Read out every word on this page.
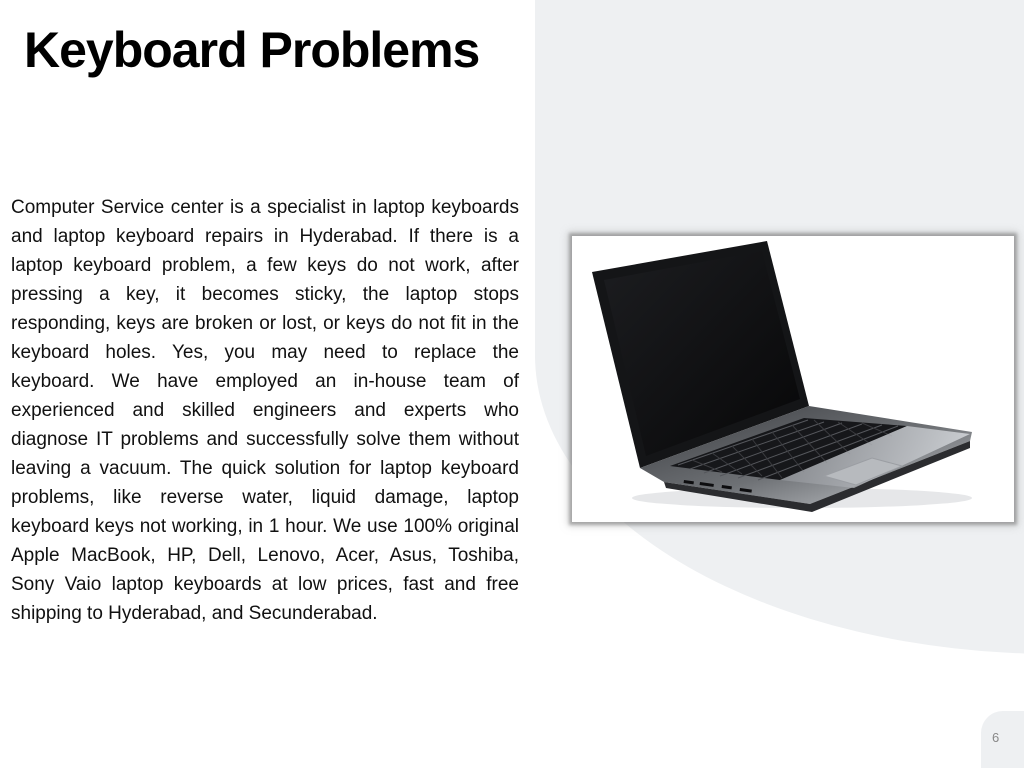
Keyboard Problems

Computer Service center is a specialist in laptop keyboards and laptop keyboard repairs in Hyderabad. If there is a laptop keyboard problem, a few keys do not work, after pressing a key, it becomes sticky, the laptop stops responding, keys are broken or lost, or keys do not fit in the keyboard holes. Yes, you may need to replace the keyboard. We have employed an in-house team of experienced and skilled engineers and experts who diagnose IT problems and successfully solve them without leaving a vacuum. The quick solution for laptop keyboard problems, like reverse water, liquid damage, laptop keyboard keys not working, in 1 hour. We use 100% original Apple MacBook, HP, Dell, Lenovo, Acer, Asus, Toshiba, Sony Vaio laptop keyboards at low prices, fast and free shipping to Hyderabad, and Secunderabad.

6
